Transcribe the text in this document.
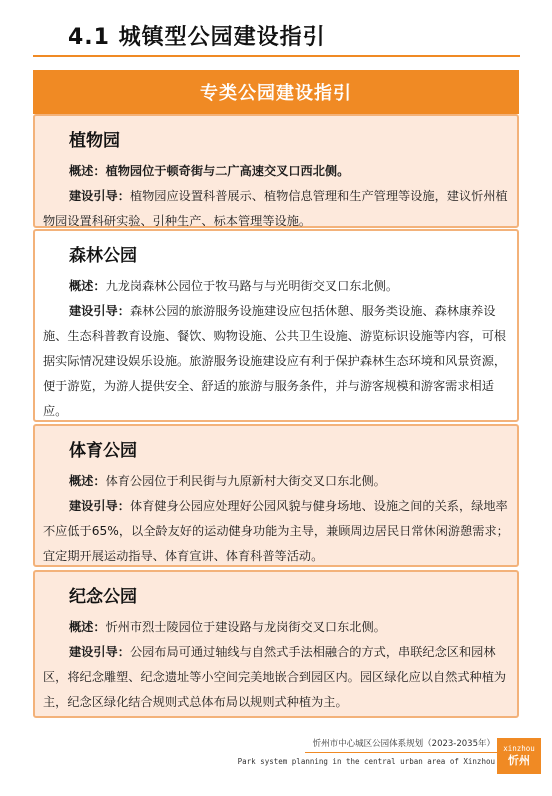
4.1 城镇型公园建设指引
专类公园建设指引
植物园

概述：植物园位于顿奇街与二广高速交叉口西北侧。

建设引导：植物园应设置科普展示、植物信息管理和生产管理等设施，建议忻州植物园设置科研实验、引种生产、标本管理等设施。

森林公园

概述：九龙岗森林公园位于牧马路与与光明街交叉口东北侧。

建设引导：森林公园的旅游服务设施建设应包括休憩、服务类设施、森林康养设施、生态科普教育设施、餐饮、购物设施、公共卫生设施、游览标识设施等内容，可根据实际情况建设娱乐设施。旅游服务设施建设应有利于保护森林生态环境和风景资源，便于游览，为游人提供安全、舒适的旅游与服务条件，并与游客规模和游客需求相适应。

体育公园

概述：体育公园位于利民街与九原新村大街交叉口东北侧。

建设引导：体育健身公园应处理好公园风貌与健身场地、设施之间的关系，绿地率不应低于65%，以全龄友好的运动健身功能为主导，兼顾周边居民日常休闲游憩需求；宜定期开展运动指导、体育宣讲、体育科普等活动。

纪念公园

概述：忻州市烈士陵园位于建设路与龙岗街交叉口东北侧。

建设引导：公园布局可通过轴线与自然式手法相融合的方式，串联纪念区和园林区，将纪念雕塑、纪念遗址等小空间完美地嵌合到园区内。园区绿化应以自然式种植为主，纪念区绿化结合规则式总体布局以规则式种植为主。

忻州市中心城区公园体系规划（2023-2035年）
Park system planning in the central urban area of Xinzhou
xinzhou
忻州
